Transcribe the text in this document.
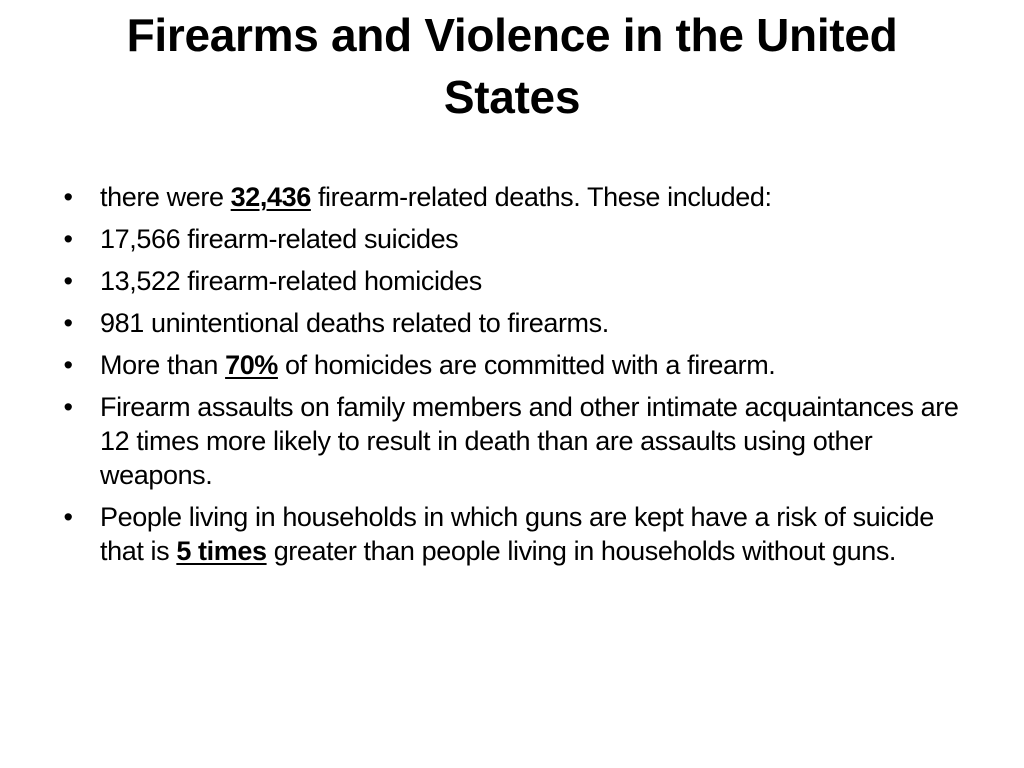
Firearms and Violence in the United States
• there were 32,436 firearm-related deaths. These included:
• 17,566 firearm-related suicides
• 13,522 firearm-related homicides
• 981 unintentional deaths related to firearms.
• More than 70% of homicides are committed with a firearm.
• Firearm assaults on family members and other intimate acquaintances are 12 times more likely to result in death than are assaults using other weapons.
• People living in households in which guns are kept have a risk of suicide that is 5 times greater than people living in households without guns.
